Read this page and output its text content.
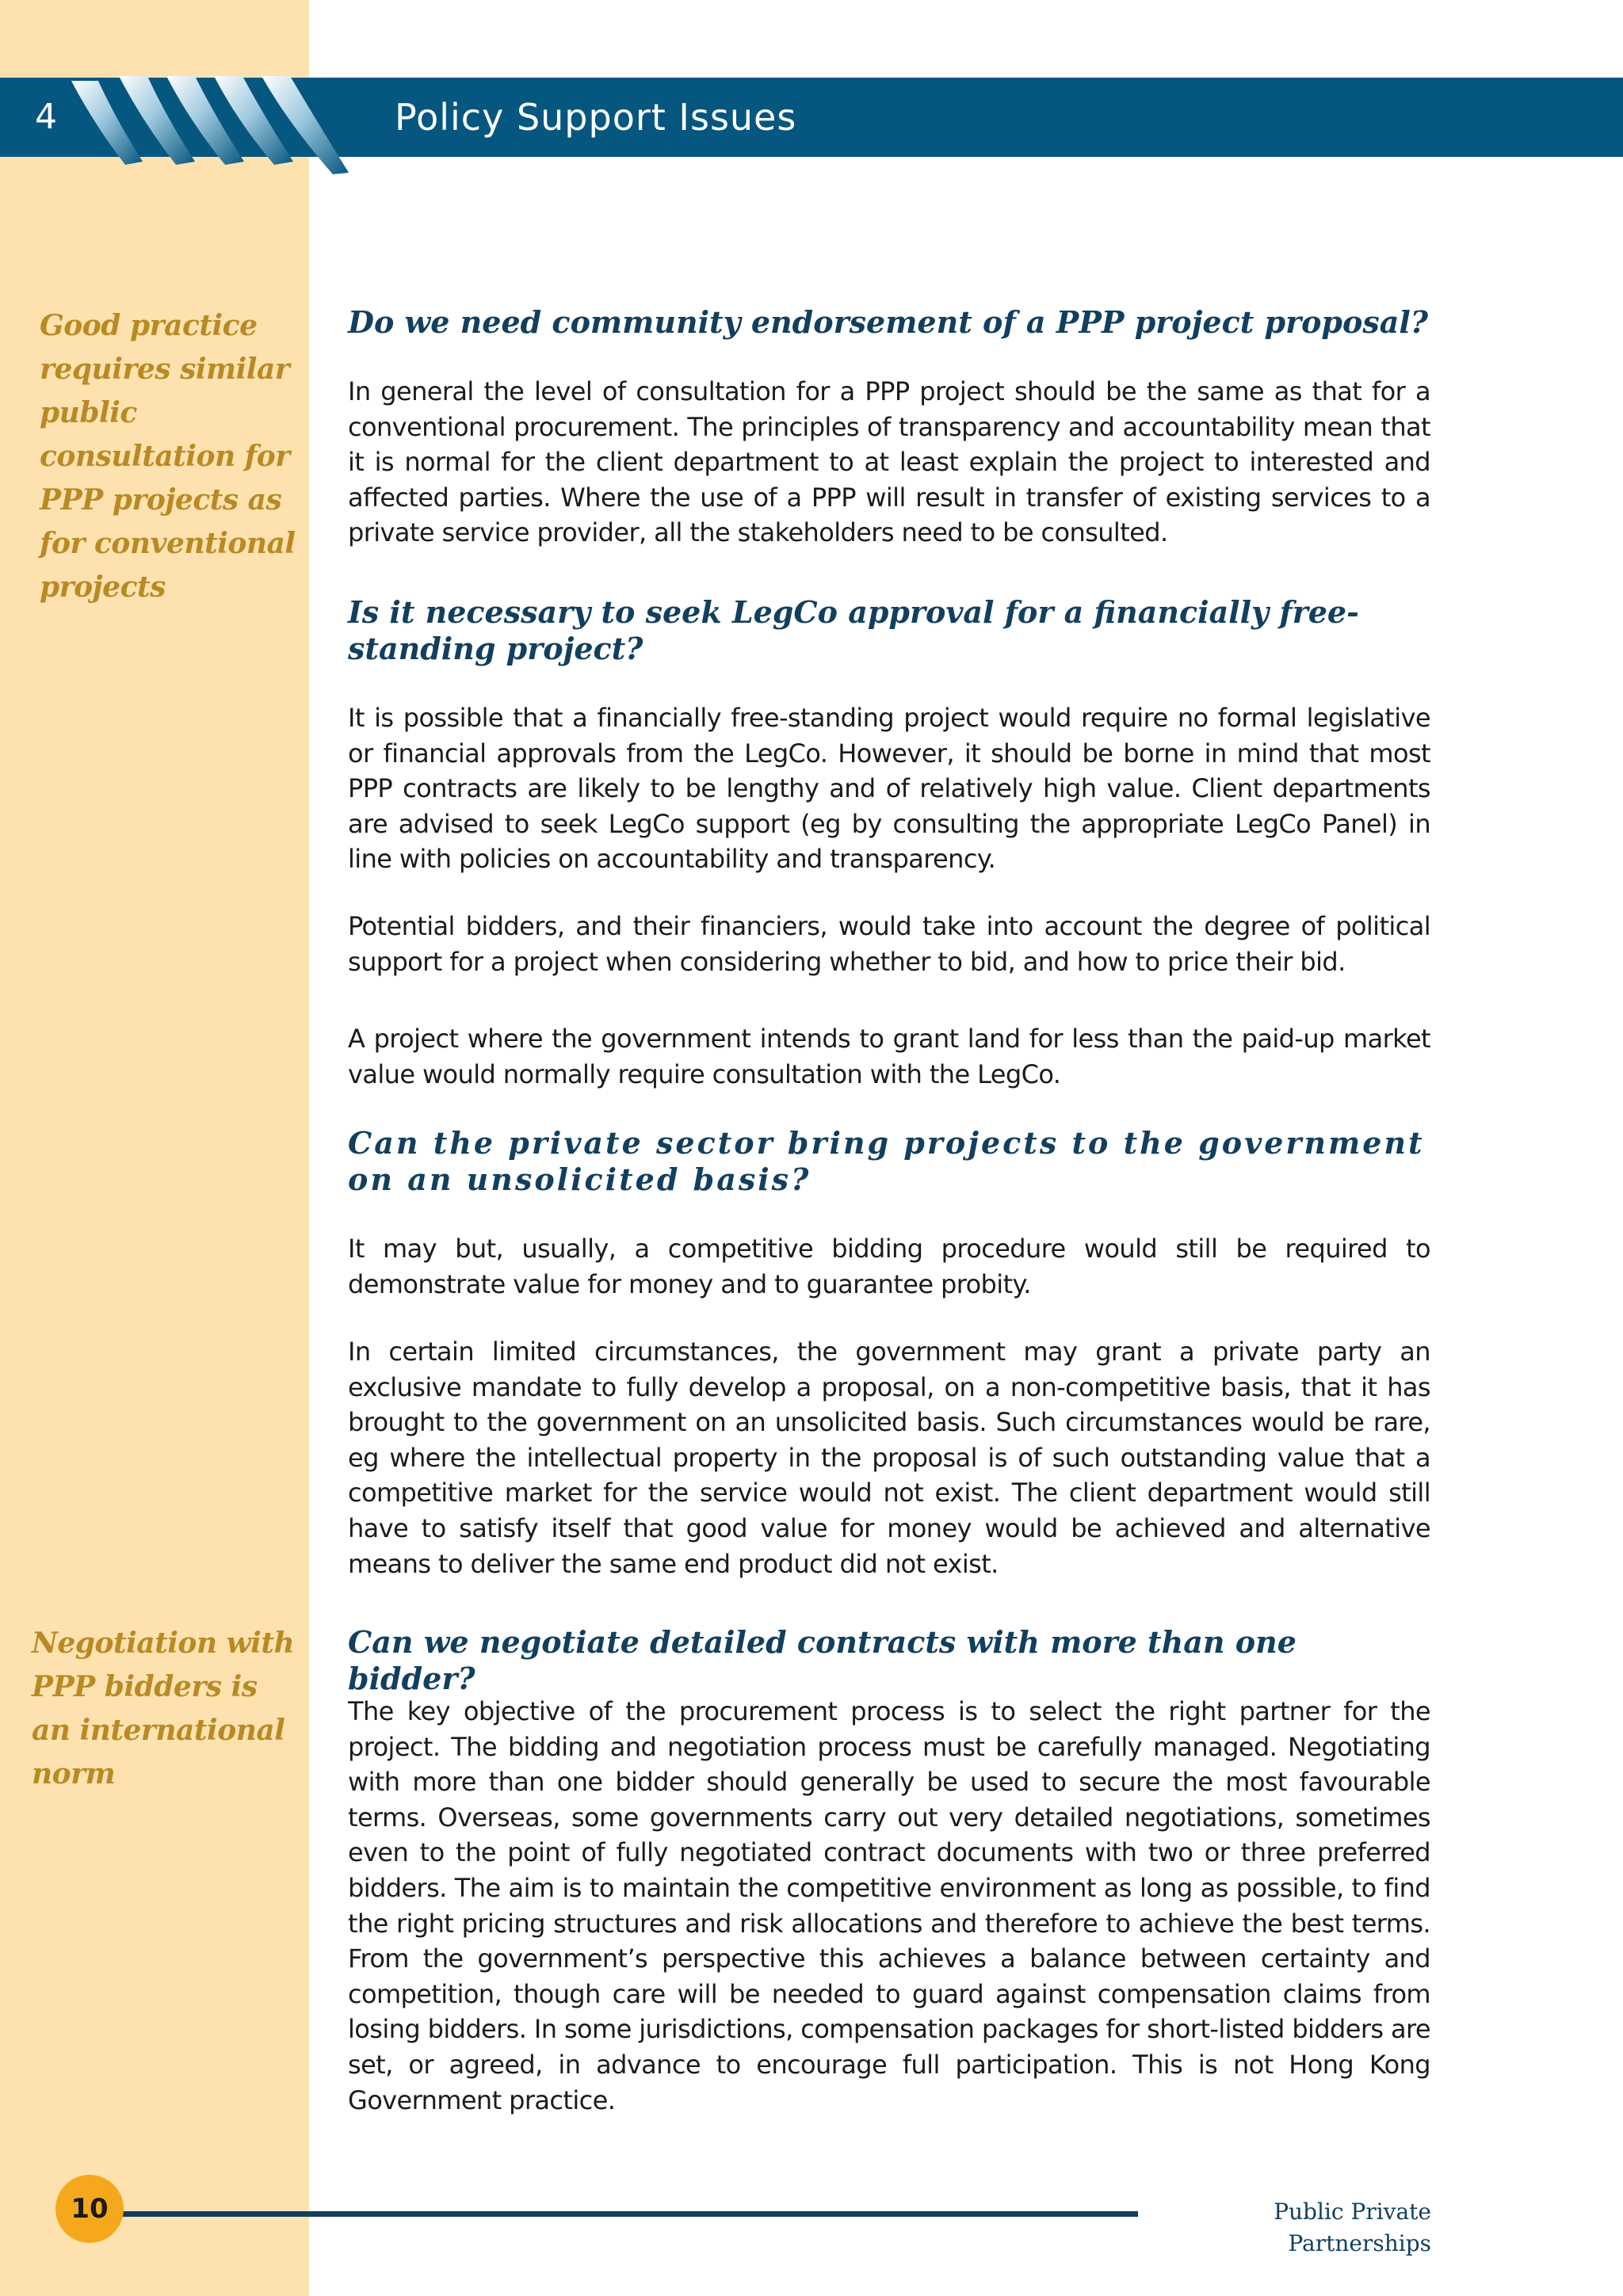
4	Policy Support Issues
Good practice requires similar public consultation for PPP projects as for conventional projects
Negotiation with PPP bidders is an international norm
Do we need community endorsement of a PPP project proposal?

In general the level of consultation for a PPP project should be the same as that for a conventional procurement. The principles of transparency and accountability mean that it is normal for the client department to at least explain the project to interested and affected parties. Where the use of a PPP will result in transfer of existing services to a private service provider, all the stakeholders need to be consulted.

Is it necessary to seek LegCo approval for a financially free-standing project?

It is possible that a financially free-standing project would require no formal legislative or financial approvals from the LegCo. However, it should be borne in mind that most PPP contracts are likely to be lengthy and of relatively high value. Client departments are advised to seek LegCo support (eg by consulting the appropriate LegCo Panel) in line with policies on accountability and transparency.

Potential bidders, and their financiers, would take into account the degree of political support for a project when considering whether to bid, and how to price their bid.

A project where the government intends to grant land for less than the paid-up market value would normally require consultation with the LegCo.

Can the private sector bring projects to the government on an unsolicited basis?

It may but, usually, a competitive bidding procedure would still be required to demonstrate value for money and to guarantee probity.

In certain limited circumstances, the government may grant a private party an exclusive mandate to fully develop a proposal, on a non-competitive basis, that it has brought to the government on an unsolicited basis. Such circumstances would be rare, eg where the intellectual property in the proposal is of such outstanding value that a competitive market for the service would not exist. The client department would still have to satisfy itself that good value for money would be achieved and alternative means to deliver the same end product did not exist.

Can we negotiate detailed contracts with more than one bidder?

The key objective of the procurement process is to select the right partner for the project. The bidding and negotiation process must be carefully managed. Negotiating with more than one bidder should generally be used to secure the most favourable terms. Overseas, some governments carry out very detailed negotiations, sometimes even to the point of fully negotiated contract documents with two or three preferred bidders. The aim is to maintain the competitive environment as long as possible, to find the right pricing structures and risk allocations and therefore to achieve the best terms. From the government’s perspective this achieves a balance between certainty and competition, though care will be needed to guard against compensation claims from losing bidders. In some jurisdictions, compensation packages for short-listed bidders are set, or agreed, in advance to encourage full participation. This is not Hong Kong Government practice.

10	Public Private Partnerships
